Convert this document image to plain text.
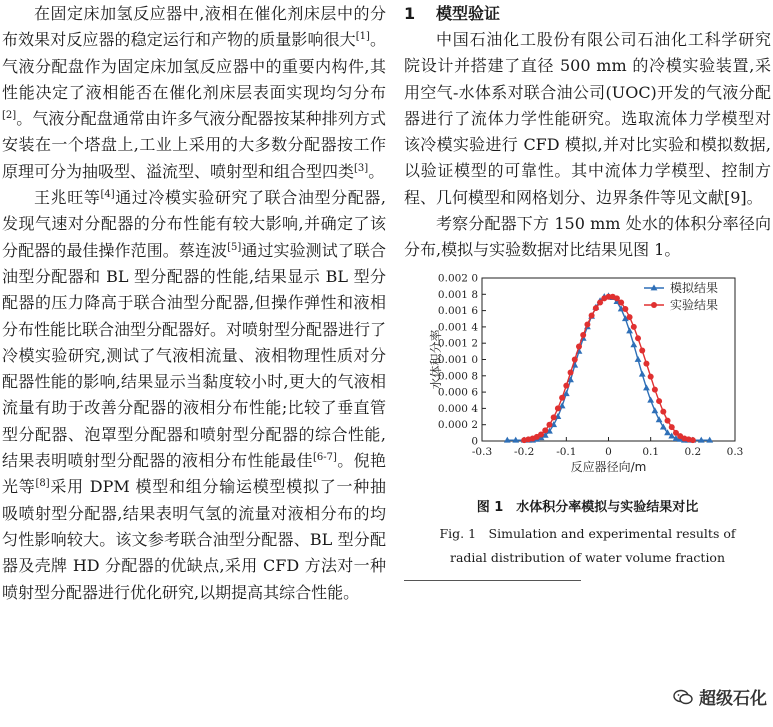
在固定床加氢反应器中,液相在催化剂床层中的分布效果对反应器的稳定运行和产物的质量影响很大[1]。气液分配盘作为固定床加氢反应器中的重要内构件,其性能决定了液相能否在催化剂床层表面实现均匀分布[2]。气液分配盘通常由许多气液分配器按某种排列方式安装在一个塔盘上,工业上采用的大多数分配器按工作原理可分为抽吸型、溢流型、喷射型和组合型四类[3]。

王兆旺等[4]通过冷模实验研究了联合油型分配器,发现气速对分配器的分布性能有较大影响,并确定了该分配器的最佳操作范围。蔡连波[5]通过实验测试了联合油型分配器和 BL 型分配器的性能,结果显示 BL 型分配器的压力降高于联合油型分配器,但操作弹性和液相分布性能比联合油型分配器好。对喷射型分配器进行了冷模实验研究,测试了气液相流量、液相物理性质对分配器性能的影响,结果显示当黏度较小时,更大的气液相流量有助于改善分配器的液相分布性能;比较了垂直管型分配器、泡罩型分配器和喷射型分配器的综合性能,结果表明喷射型分配器的液相分布性能最佳[6-7]。倪艳光等[8]采用 DPM 模型和组分输运模型模拟了一种抽吸喷射型分配器,结果表明气氢的流量对液相分布的均匀性影响较大。该文参考联合油型分配器、BL 型分配器及壳牌 HD 分配器的优缺点,采用 CFD 方法对一种喷射型分配器进行优化研究,以期提高其综合性能。

1 模型验证

中国石油化工股份有限公司石油化工科学研究院设计并搭建了直径 500 mm 的冷模实验装置,采用空气-水体系对联合油公司(UOC)开发的气液分配器进行了流体力学性能研究。选取流体力学模型对该冷模实验进行 CFD 模拟,并对比实验和模拟数据,以验证模型的可靠性。其中流体力学模型、控制方程、几何模型和网格划分、边界条件等见文献[9]。

考察分配器下方 150 mm 处水的体积分率径向分布,模拟与实验数据对比结果见图 1。

0
0.000 2
0.000 4
0.000 6
0.000 8
0.001 0
0.001 2
0.001 4
0.001 6
0.001 8
0.002 0
-0.3 -0.2 -0.1	0	0.1 0.2 0.3
反应器径向/m
水体积分率
模拟结果
实验结果
图 1　水体积分率模拟与实验结果对比
Fig. 1　Simulation and experimental results of
radial distribution of water volume fraction
超级石化
